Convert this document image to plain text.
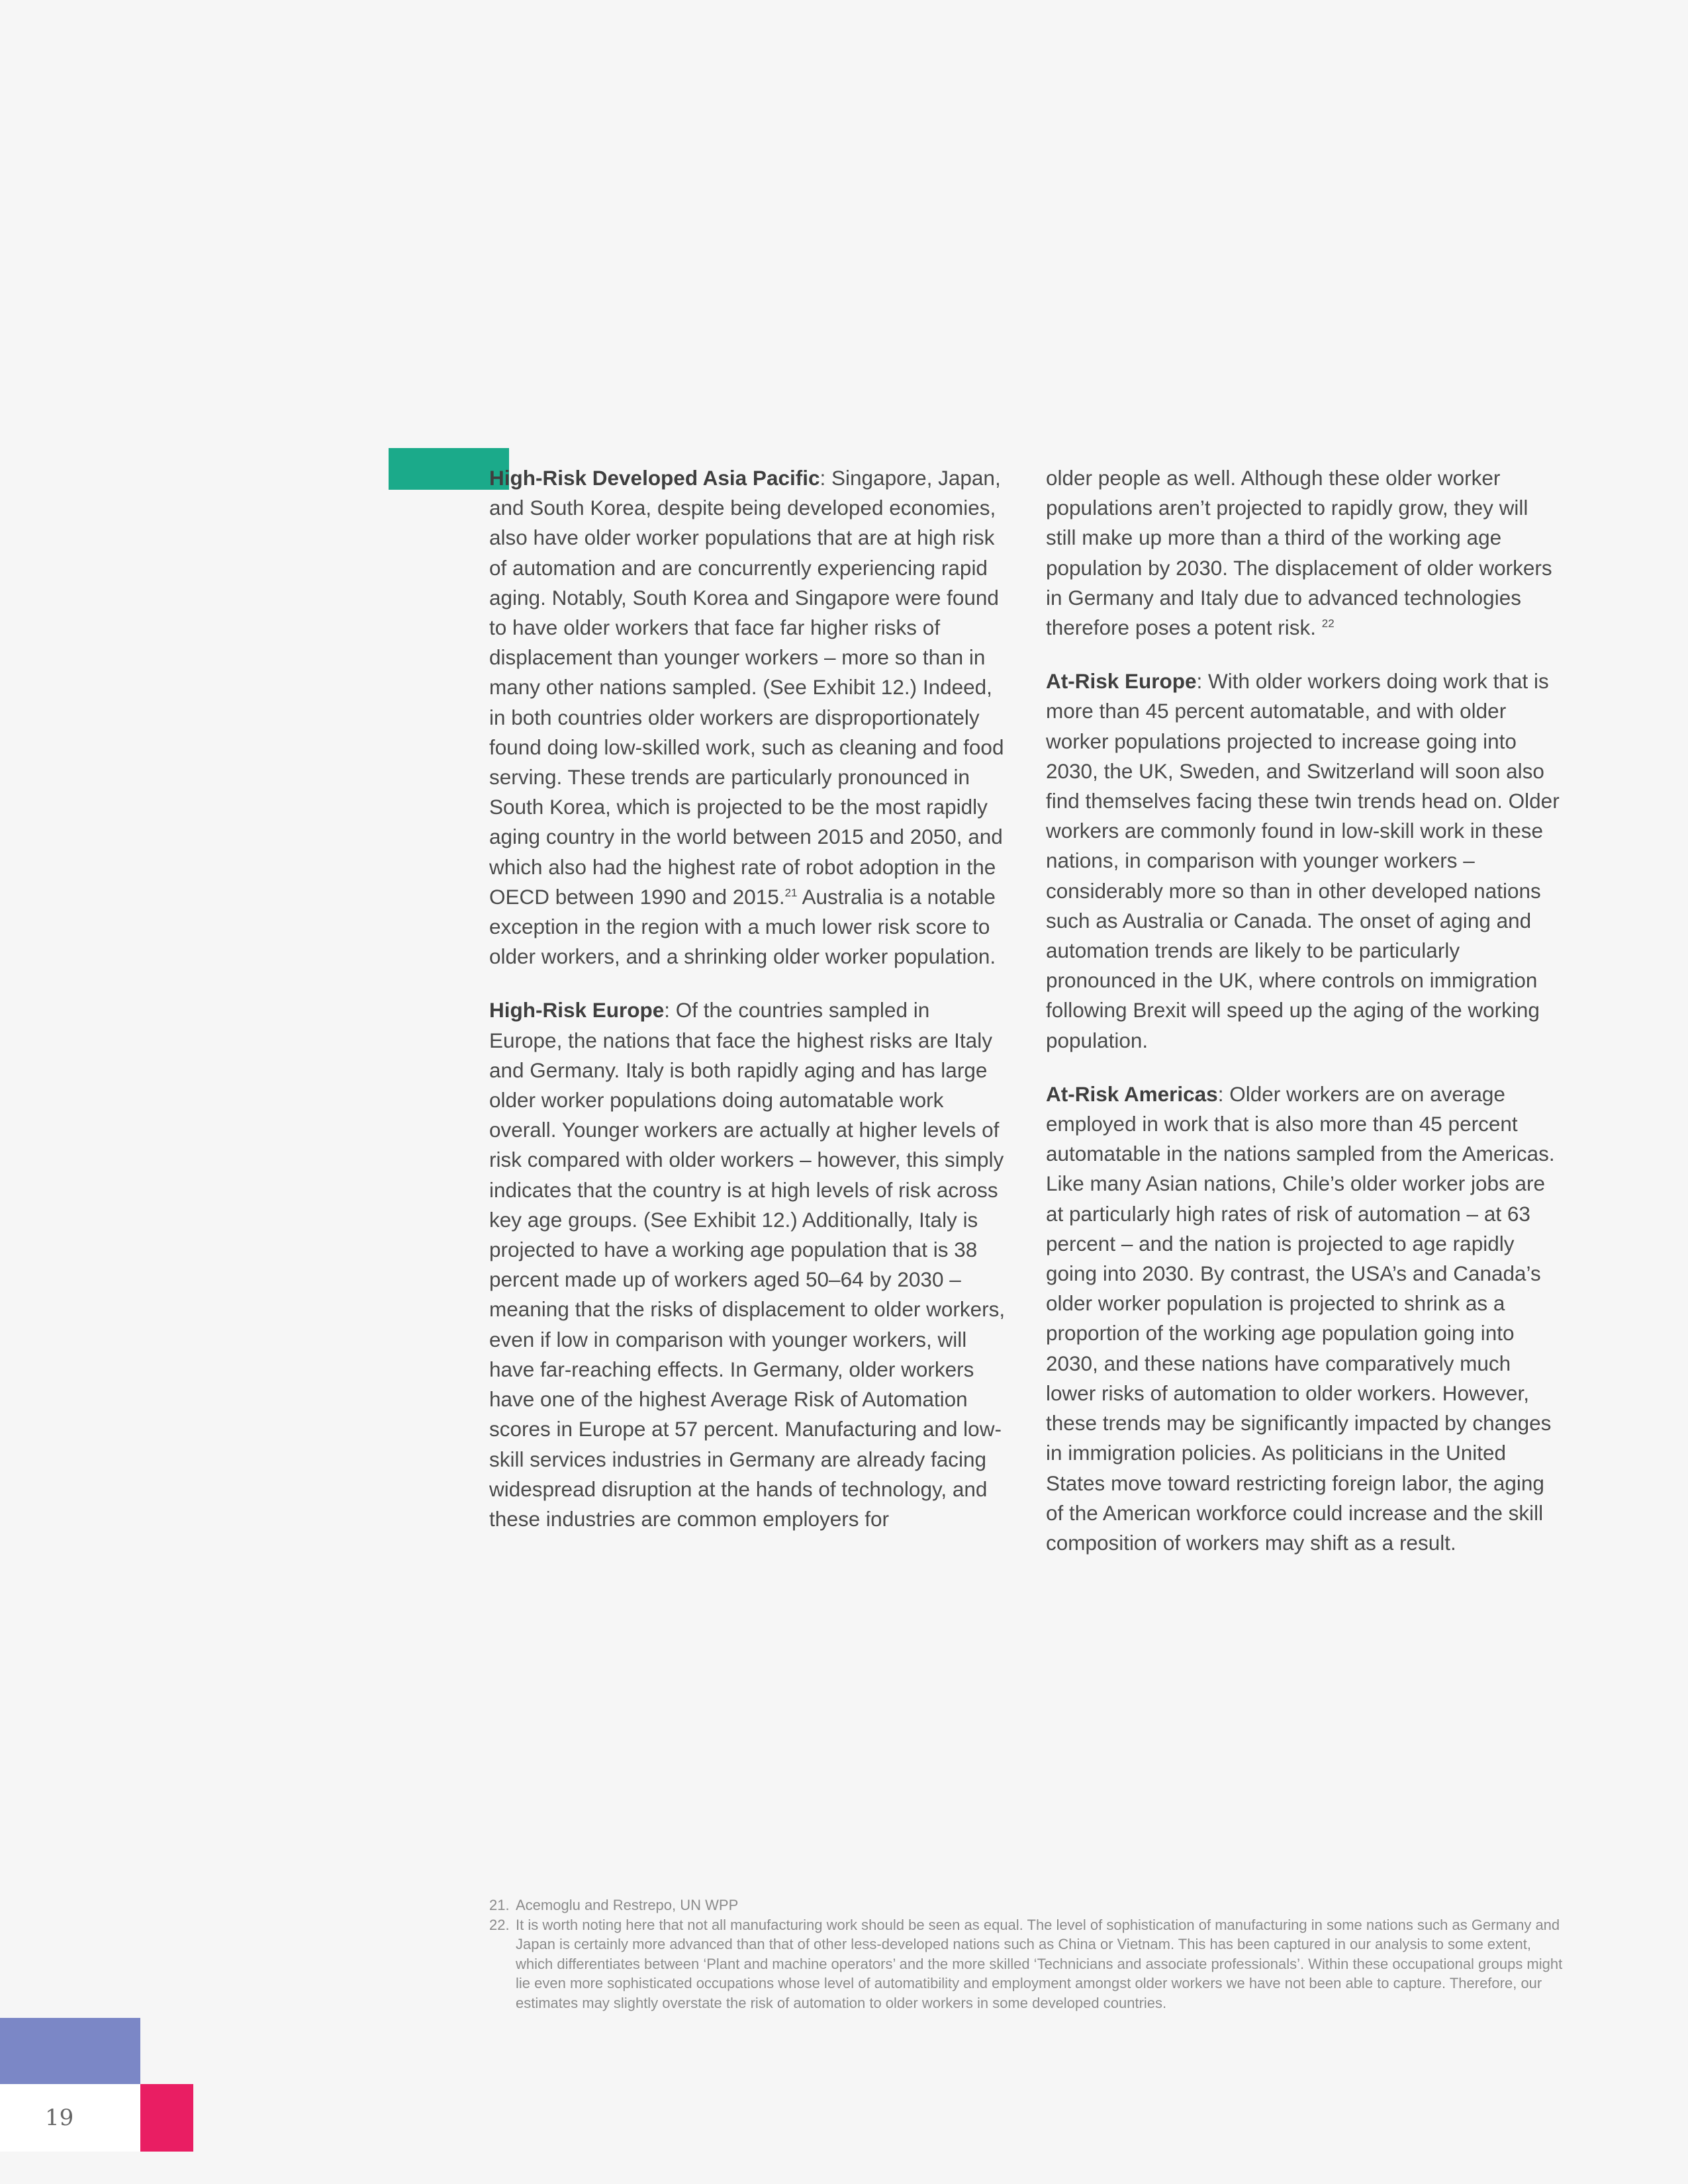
High-Risk Developed Asia Pacific: Singapore, Japan, and South Korea, despite being developed economies, also have older worker populations that are at high risk of automation and are concurrently experiencing rapid aging. Notably, South Korea and Singapore were found to have older workers that face far higher risks of displacement than younger workers – more so than in many other nations sampled. (See Exhibit 12.) Indeed, in both countries older workers are disproportionately found doing low-skilled work, such as cleaning and food serving. These trends are particularly pronounced in South Korea, which is projected to be the most rapidly aging country in the world between 2015 and 2050, and which also had the highest rate of robot adoption in the OECD between 1990 and 2015.21 Australia is a notable exception in the region with a much lower risk score to older workers, and a shrinking older worker population.

High-Risk Europe: Of the countries sampled in Europe, the nations that face the highest risks are Italy and Germany. Italy is both rapidly aging and has large older worker populations doing automatable work overall. Younger workers are actually at higher levels of risk compared with older workers – however, this simply indicates that the country is at high levels of risk across key age groups. (See Exhibit 12.) Additionally, Italy is projected to have a working age population that is 38 percent made up of workers aged 50–64 by 2030 – meaning that the risks of displacement to older workers, even if low in comparison with younger workers, will have far-reaching effects. In Germany, older workers have one of the highest Average Risk of Automation scores in Europe at 57 percent. Manufacturing and low-skill services industries in Germany are already facing widespread disruption at the hands of technology, and these industries are common employers for

older people as well. Although these older worker populations aren’t projected to rapidly grow, they will still make up more than a third of the working age population by 2030. The displacement of older workers in Germany and Italy due to advanced technologies therefore poses a potent risk. $^{22}$

At-Risk Europe: With older workers doing work that is more than 45 percent automatable, and with older worker populations projected to increase going into 2030, the UK, Sweden, and Switzerland will soon also find themselves facing these twin trends head on. Older workers are commonly found in low-skill work in these nations, in comparison with younger workers – considerably more so than in other developed nations such as Australia or Canada. The onset of aging and automation trends are likely to be particularly pronounced in the UK, where controls on immigration following Brexit will speed up the aging of the working population.

At-Risk Americas: Older workers are on average employed in work that is also more than 45 percent automatable in the nations sampled from the Americas. Like many Asian nations, Chile’s older worker jobs are at particularly high rates of risk of automation – at 63 percent – and the nation is projected to age rapidly going into 2030. By contrast, the USA’s and Canada’s older worker population is projected to shrink as a proportion of the working age population going into 2030, and these nations have comparatively much lower risks of automation to older workers. However, these trends may be significantly impacted by changes in immigration policies. As politicians in the United States move toward restricting foreign labor, the aging of the American workforce could increase and the skill composition of workers may shift as a result.

21. Acemoglu and Restrepo, UN WPP
22. It is worth noting here that not all manufacturing work should be seen as equal. The level of sophistication of manufacturing in some nations such as Germany and Japan is certainly more advanced than that of other less-developed nations such as China or Vietnam. This has been captured in our analysis to some extent, which differentiates between ‘Plant and machine operators’ and the more skilled ‘Technicians and associate professionals’. Within these occupational groups might lie even more sophisticated occupations whose level of automatibility and employment amongst older workers we have not been able to capture. Therefore, our estimates may slightly overstate the risk of automation to older workers in some developed countries.
19
